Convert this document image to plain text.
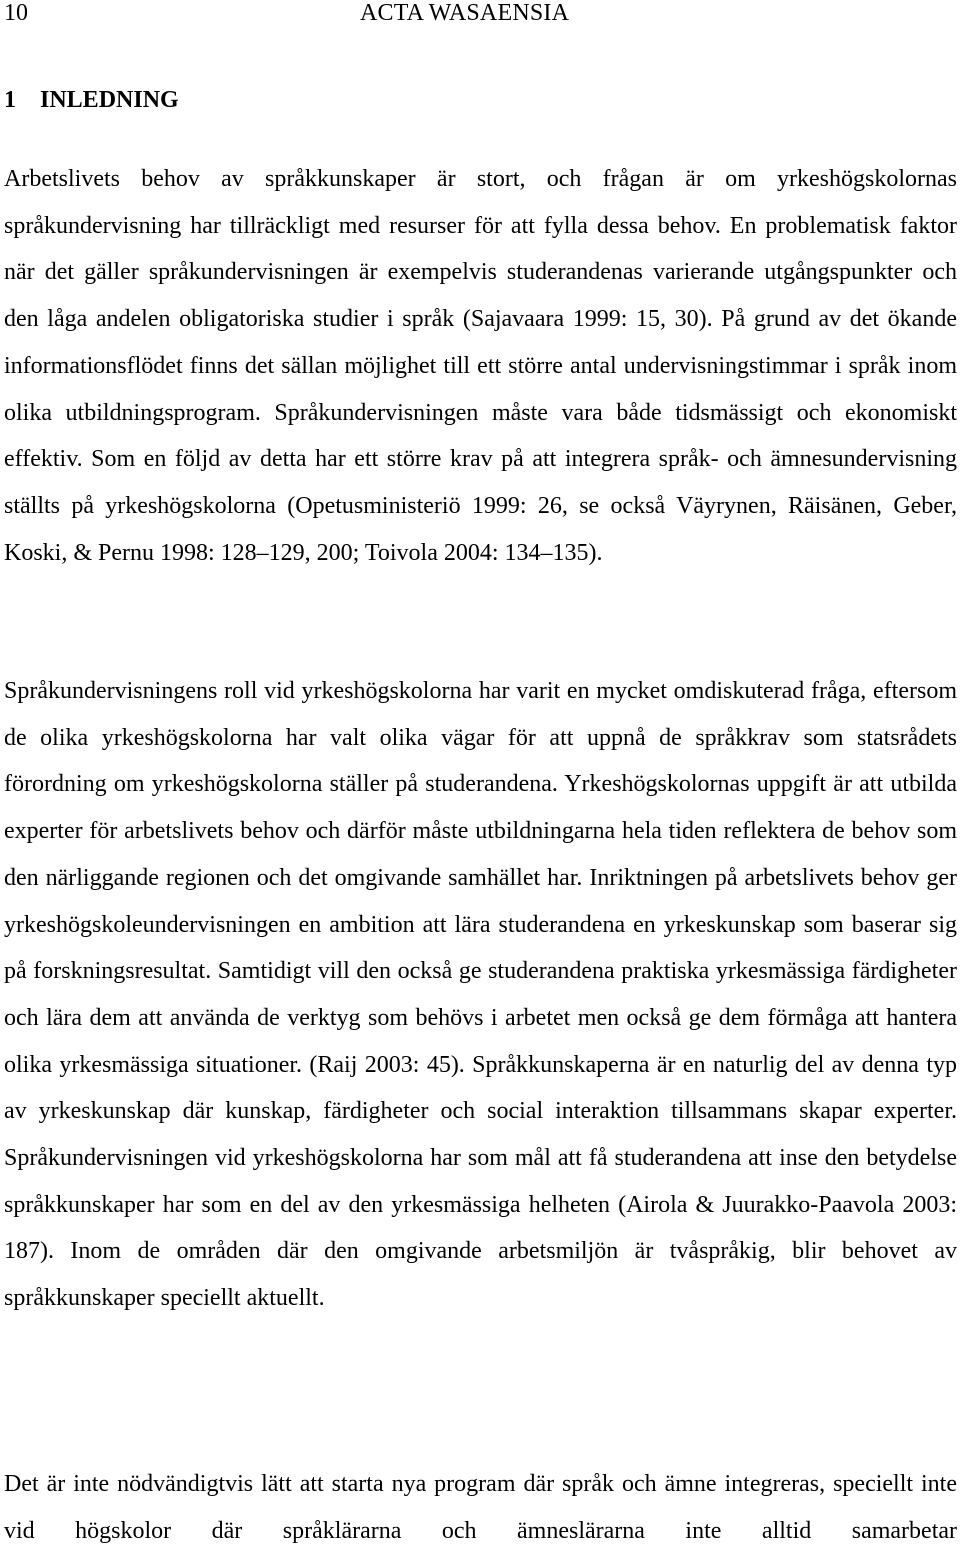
10	ACTA WASAENSIA
1 INLEDNING

Arbetslivets behov av språkkunskaper är stort, och frågan är om yrkeshögskolornas språkundervisning har tillräckligt med resurser för att fylla dessa behov. En problematisk faktor när det gäller språkundervisningen är exempelvis studerandenas varierande utgångspunkter och den låga andelen obligatoriska studier i språk (Sajavaara 1999: 15, 30). På grund av det ökande informationsflödet finns det sällan möjlighet till ett större antal undervisningstimmar i språk inom olika utbildningsprogram. Språkundervisningen måste vara både tidsmässigt och ekonomiskt effektiv. Som en följd av detta har ett större krav på att integrera språk- och ämnesundervisning ställts på yrkeshögskolorna (Opetusministeriö 1999: 26, se också Väyrynen, Räisänen, Geber, Koski, & Pernu 1998: 128–129, 200; Toivola 2004: 134–135).

Språkundervisningens roll vid yrkeshögskolorna har varit en mycket omdiskuterad fråga, eftersom de olika yrkeshögskolorna har valt olika vägar för att uppnå de språkkrav som statsrådets förordning om yrkeshögskolorna ställer på studerandena. Yrkeshögskolornas uppgift är att utbilda experter för arbetslivets behov och därför måste utbildningarna hela tiden reflektera de behov som den närliggande regionen och det omgivande samhället har. Inriktningen på arbetslivets behov ger yrkeshögskoleundervisningen en ambition att lära studerandena en yrkeskunskap som baserar sig på forskningsresultat. Samtidigt vill den också ge studerandena praktiska yrkesmässiga färdigheter och lära dem att använda de verktyg som behövs i arbetet men också ge dem förmåga att hantera olika yrkesmässiga situationer. (Raij 2003: 45). Språkkunskaperna är en naturlig del av denna typ av yrkeskunskap där kunskap, färdigheter och social interaktion tillsammans skapar experter. Språkundervisningen vid yrkeshögskolorna har som mål att få studerandena att inse den betydelse språkkunskaper har som en del av den yrkesmässiga helheten (Airola & Juurakko-Paavola 2003: 187). Inom de områden där den omgivande arbetsmiljön är tvåspråkig, blir behovet av språkkunskaper speciellt aktuellt.

Det är inte nödvändigtvis lätt att starta nya program där språk och ämne integreras, speciellt inte vid högskolor där språklärarna och ämneslärarna inte alltid samarbetar
